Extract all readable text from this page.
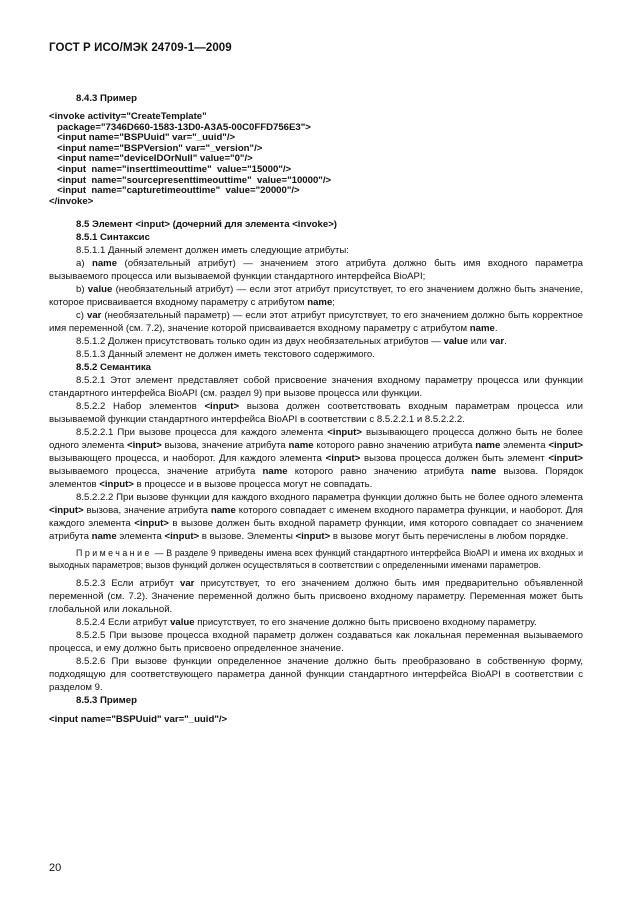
ГОСТ Р ИСО/МЭК 24709-1—2009
8.4.3 Пример
<invoke activity="CreateTemplate"
package="7346D660-1583-13D0-A3A5-00C0FFD756E3">
<input name="BSPUuid" var="_uuid"/>
<input name="BSPVersion" var="_version"/>
<input name="deviceIDOrNull" value="0"/>
<input  name="inserttimeouttime"  value="15000"/>
<input  name="sourcepresenttimeouttime"  value="10000"/>
<input  name="capturetimeouttime"  value="20000"/>
</invoke>
8.5 Элемент <input> (дочерний для элемента <invoke>)
8.5.1 Синтаксис

8.5.1.1 Данный элемент должен иметь следующие атрибуты:

a) name (обязательный атрибут) — значением этого атрибута должно быть имя входного параметра вызываемого процесса или вызываемой функции стандартного интерфейса BioAPI;

b) value (необязательный атрибут) — если этот атрибут присутствует, то его значением должно быть значение, которое присваивается входному параметру с атрибутом name;

c) var (необязательный параметр) — если этот атрибут присутствует, то его значением должно быть корректное имя переменной (см. 7.2), значение которой присваивается входному параметру с атрибутом name.

8.5.1.2 Должен присутствовать только один из двух необязательных атрибутов — value или var.

8.5.1.3 Данный элемент не должен иметь текстового содержимого.

8.5.2 Семантика

8.5.2.1 Этот элемент представляет собой присвоение значения входному параметру процесса или функции стандартного интерфейса BioAPI (см. раздел 9) при вызове процесса или функции.

8.5.2.2 Набор элементов <input> вызова должен соответствовать входным параметрам процесса или вызываемой функции стандартного интерфейса BioAPI в соответствии с 8.5.2.2.1 и 8.5.2.2.2.

8.5.2.2.1 При вызове процесса для каждого элемента <input> вызывающего процесса должно быть не более одного элемента <input> вызова, значение атрибута name которого равно значению атрибута name элемента <input> вызывающего процесса, и наоборот. Для каждого элемента <input> вызова процесса должен быть элемент <input> вызываемого процесса, значение атрибута name которого равно значению атрибута name вызова. Порядок элементов <input> в процессе и в вызове процесса могут не совпадать.

8.5.2.2.2 При вызове функции для каждого входного параметра функции должно быть не более одного элемента <input> вызова, значение атрибута name которого совпадает с именем входного параметра функции, и наоборот. Для каждого элемента <input> в вызове должен быть входной параметр функции, имя которого совпадает со значением атрибута name элемента <input> в вызове. Элементы <input> в вызове могут быть перечислены в любом порядке.

Примечание — В разделе 9 приведены имена всех функций стандартного интерфейса BioAPI и имена их входных и выходных параметров; вызов функций должен осуществляться в соответствии с определенными именами параметров.

8.5.2.3 Если атрибут var присутствует, то его значением должно быть имя предварительно объявленной переменной (см. 7.2). Значение переменной должно быть присвоено входному параметру. Переменная может быть глобальной или локальной.

8.5.2.4 Если атрибут value присутствует, то его значение должно быть присвоено входному параметру.

8.5.2.5 При вызове процесса входной параметр должен создаваться как локальная переменная вызываемого процесса, и ему должно быть присвоено определенное значение.

8.5.2.6 При вызове функции определенное значение должно быть преобразовано в собственную форму, подходящую для соответствующего параметра данной функции стандартного интерфейса BioAPI в соответствии с разделом 9.

8.5.3 Пример
<input name="BSPUuid" var="_uuid"/>
20
